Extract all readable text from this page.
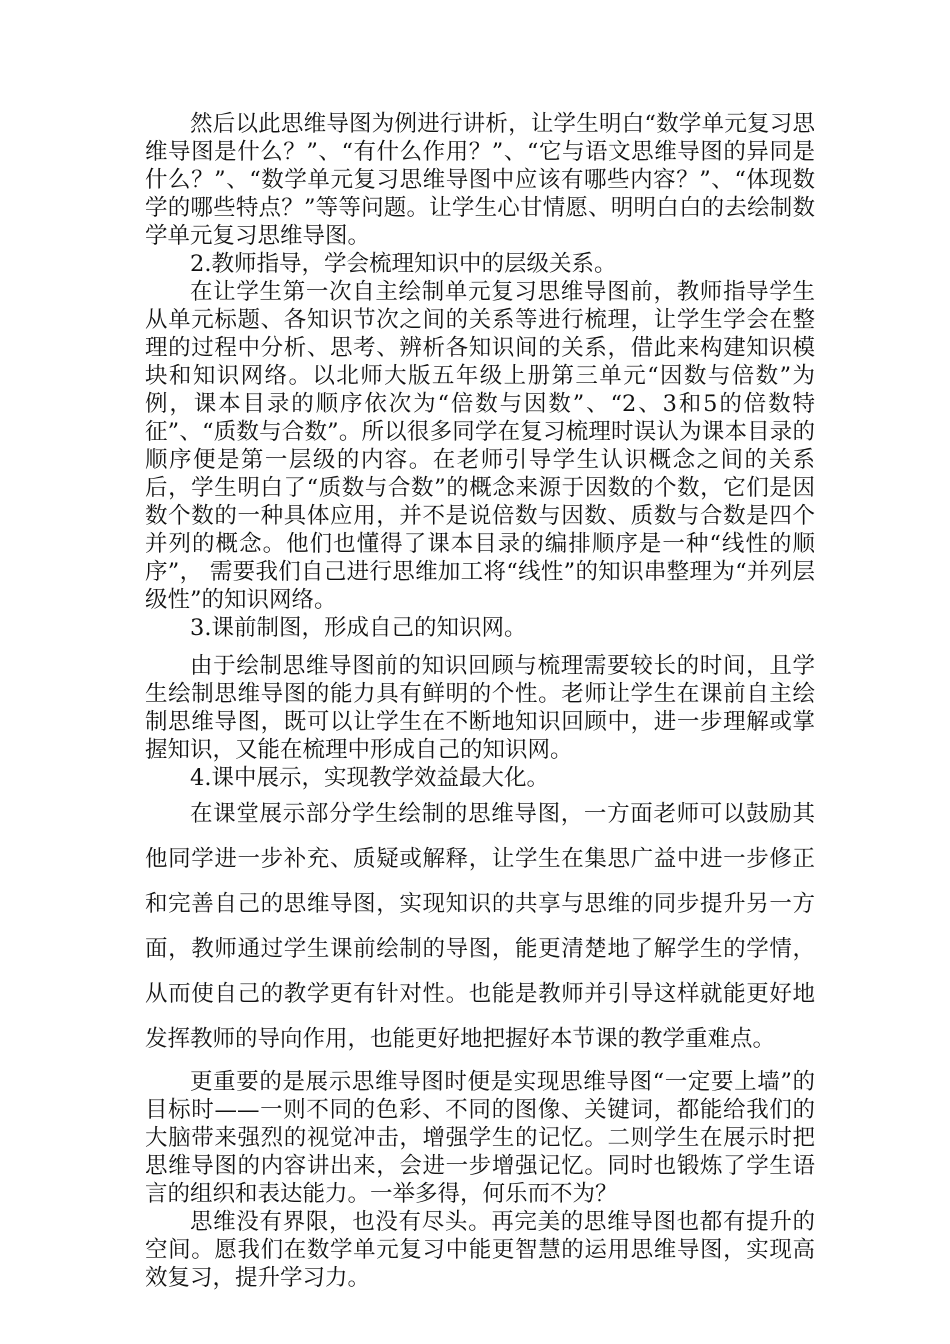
然后以此思维导图为例进行讲析，让学生明白“数学单元复习思维导图是什么？”、“有什么作用？”、“它与语文思维导图的异同是什么？”、“数学单元复习思维导图中应该有哪些内容？”、“体现数学的哪些特点？”等等问题。让学生心甘情愿、明明白白的去绘制数学单元复习思维导图。

2.教师指导，学会梳理知识中的层级关系。

在让学生第一次自主绘制单元复习思维导图前，教师指导学生从单元标题、各知识节次之间的关系等进行梳理，让学生学会在整理的过程中分析、思考、辨析各知识间的关系，借此来构建知识模块和知识网络。以北师大版五年级上册第三单元“因数与倍数”为例，课本目录的顺序依次为“倍数与因数”、“2、3和5的倍数特征”、“质数与合数”。所以很多同学在复习梳理时误认为课本目录的顺序便是第一层级的内容。在老师引导学生认识概念之间的关系后，学生明白了“质数与合数”的概念来源于因数的个数，它们是因数个数的一种具体应用，并不是说倍数与因数、质数与合数是四个并列的概念。他们也懂得了课本目录的编排顺序是一种“线性的顺序”， 需要我们自己进行思维加工将“线性”的知识串整理为“并列层级性”的知识网络。

3.课前制图，形成自己的知识网。

由于绘制思维导图前的知识回顾与梳理需要较长的时间，且学生绘制思维导图的能力具有鲜明的个性。老师让学生在课前自主绘制思维导图，既可以让学生在不断地知识回顾中，进一步理解或掌握知识，又能在梳理中形成自己的知识网。

4.课中展示，实现教学效益最大化。

在课堂展示部分学生绘制的思维导图，一方面老师可以鼓励其他同学进一步补充、质疑或解释，让学生在集思广益中进一步修正和完善自己的思维导图，实现知识的共享与思维的同步提升另一方面，教师通过学生课前绘制的导图，能更清楚地了解学生的学情，从而使自己的教学更有针对性。也能是教师并引导这样就能更好地发挥教师的导向作用，也能更好地把握好本节课的教学重难点。

更重要的是展示思维导图时便是实现思维导图“一定要上墙”的目标时——一则不同的色彩、不同的图像、关键词，都能给我们的大脑带来强烈的视觉冲击，增强学生的记忆。二则学生在展示时把思维导图的内容讲出来，会进一步增强记忆。同时也锻炼了学生语言的组织和表达能力。一举多得，何乐而不为？

思维没有界限，也没有尽头。再完美的思维导图也都有提升的空间。愿我们在数学单元复习中能更智慧的运用思维导图，实现高效复习，提升学习力。
